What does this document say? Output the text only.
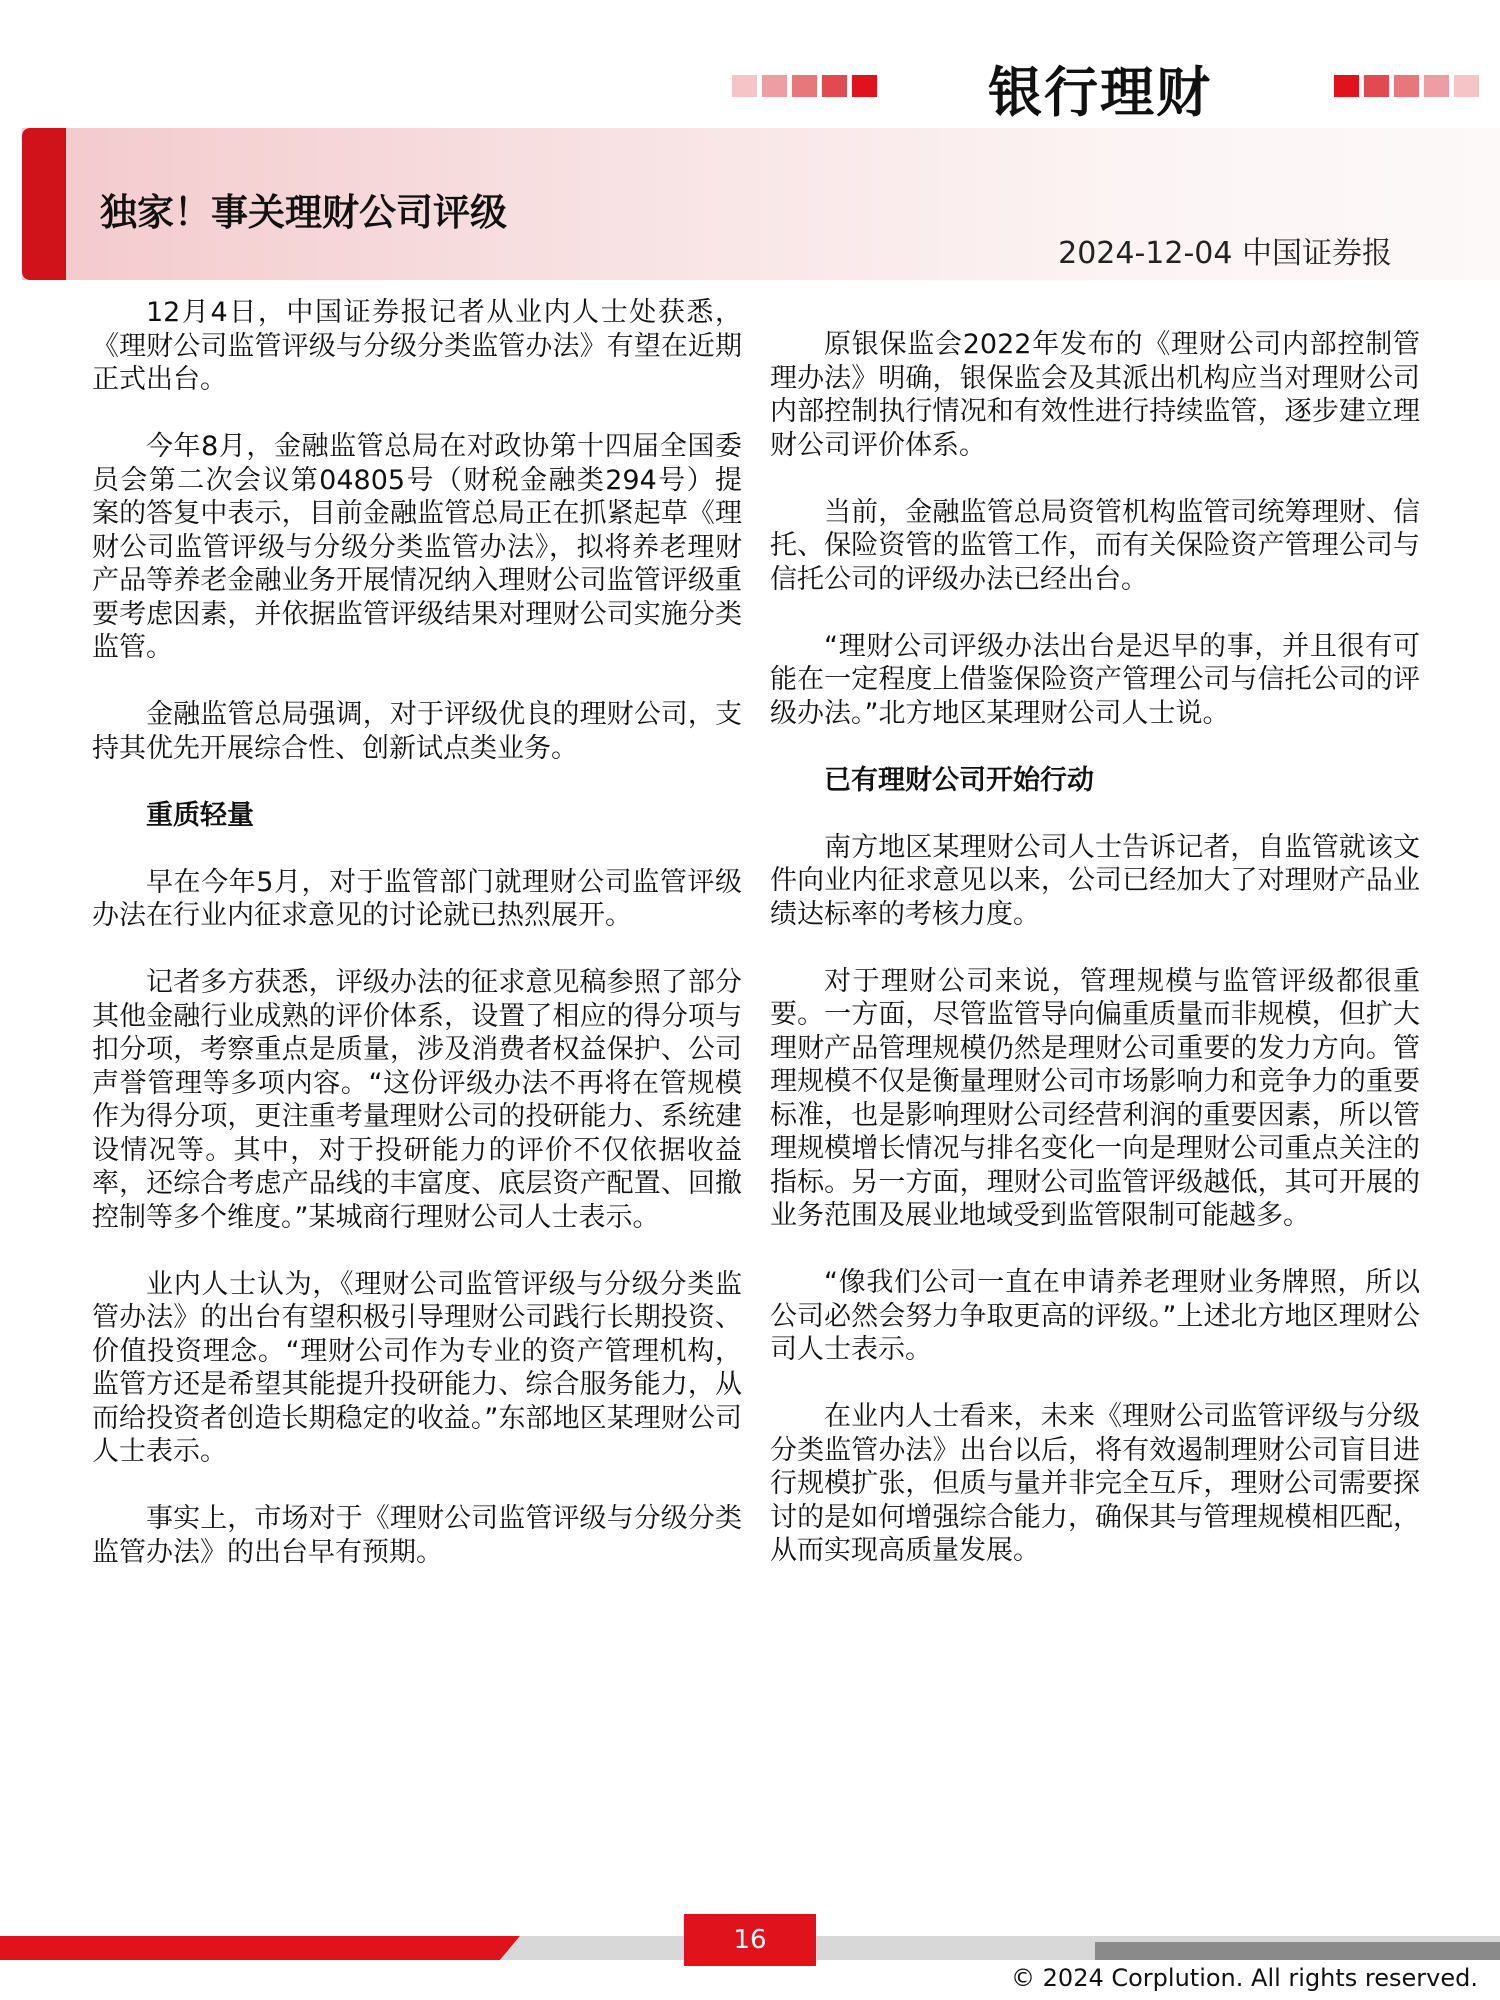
银行理财
独家！事关理财公司评级
2024-12-04 中国证券报

12月4日，中国证券报记者从业内人士处获悉，《理财公司监管评级与分级分类监管办法》有望在近期正式出台。

今年8月，金融监管总局在对政协第十四届全国委员会第二次会议第04805号（财税金融类294号）提案的答复中表示，目前金融监管总局正在抓紧起草《理财公司监管评级与分级分类监管办法》，拟将养老理财产品等养老金融业务开展情况纳入理财公司监管评级重要考虑因素，并依据监管评级结果对理财公司实施分类监管。

金融监管总局强调，对于评级优良的理财公司，支持其优先开展综合性、创新试点类业务。

重质轻量

早在今年5月，对于监管部门就理财公司监管评级办法在行业内征求意见的讨论就已热烈展开。

记者多方获悉，评级办法的征求意见稿参照了部分其他金融行业成熟的评价体系，设置了相应的得分项与扣分项，考察重点是质量，涉及消费者权益保护、公司声誉管理等多项内容。“这份评级办法不再将在管规模作为得分项，更注重考量理财公司的投研能力、系统建设情况等。其中，对于投研能力的评价不仅依据收益率，还综合考虑产品线的丰富度、底层资产配置、回撤控制等多个维度。”某城商行理财公司人士表示。

业内人士认为，《理财公司监管评级与分级分类监管办法》的出台有望积极引导理财公司践行长期投资、价值投资理念。“理财公司作为专业的资产管理机构，监管方还是希望其能提升投研能力、综合服务能力，从而给投资者创造长期稳定的收益。”东部地区某理财公司人士表示。

事实上，市场对于《理财公司监管评级与分级分类监管办法》的出台早有预期。

原银保监会2022年发布的《理财公司内部控制管理办法》明确，银保监会及其派出机构应当对理财公司内部控制执行情况和有效性进行持续监管，逐步建立理财公司评价体系。

当前，金融监管总局资管机构监管司统筹理财、信托、保险资管的监管工作，而有关保险资产管理公司与信托公司的评级办法已经出台。

“理财公司评级办法出台是迟早的事，并且很有可能在一定程度上借鉴保险资产管理公司与信托公司的评级办法。”北方地区某理财公司人士说。

已有理财公司开始行动

南方地区某理财公司人士告诉记者，自监管就该文件向业内征求意见以来，公司已经加大了对理财产品业绩达标率的考核力度。

对于理财公司来说，管理规模与监管评级都很重要。一方面，尽管监管导向偏重质量而非规模，但扩大理财产品管理规模仍然是理财公司重要的发力方向。管理规模不仅是衡量理财公司市场影响力和竞争力的重要标准，也是影响理财公司经营利润的重要因素，所以管理规模增长情况与排名变化一向是理财公司重点关注的指标。另一方面，理财公司监管评级越低，其可开展的业务范围及展业地域受到监管限制可能越多。

“像我们公司一直在申请养老理财业务牌照，所以公司必然会努力争取更高的评级。”上述北方地区理财公司人士表示。

在业内人士看来，未来《理财公司监管评级与分级分类监管办法》出台以后，将有效遏制理财公司盲目进行规模扩张，但质与量并非完全互斥，理财公司需要探讨的是如何增强综合能力，确保其与管理规模相匹配，从而实现高质量发展。

16
© 2024 Corplution. All rights reserved.
